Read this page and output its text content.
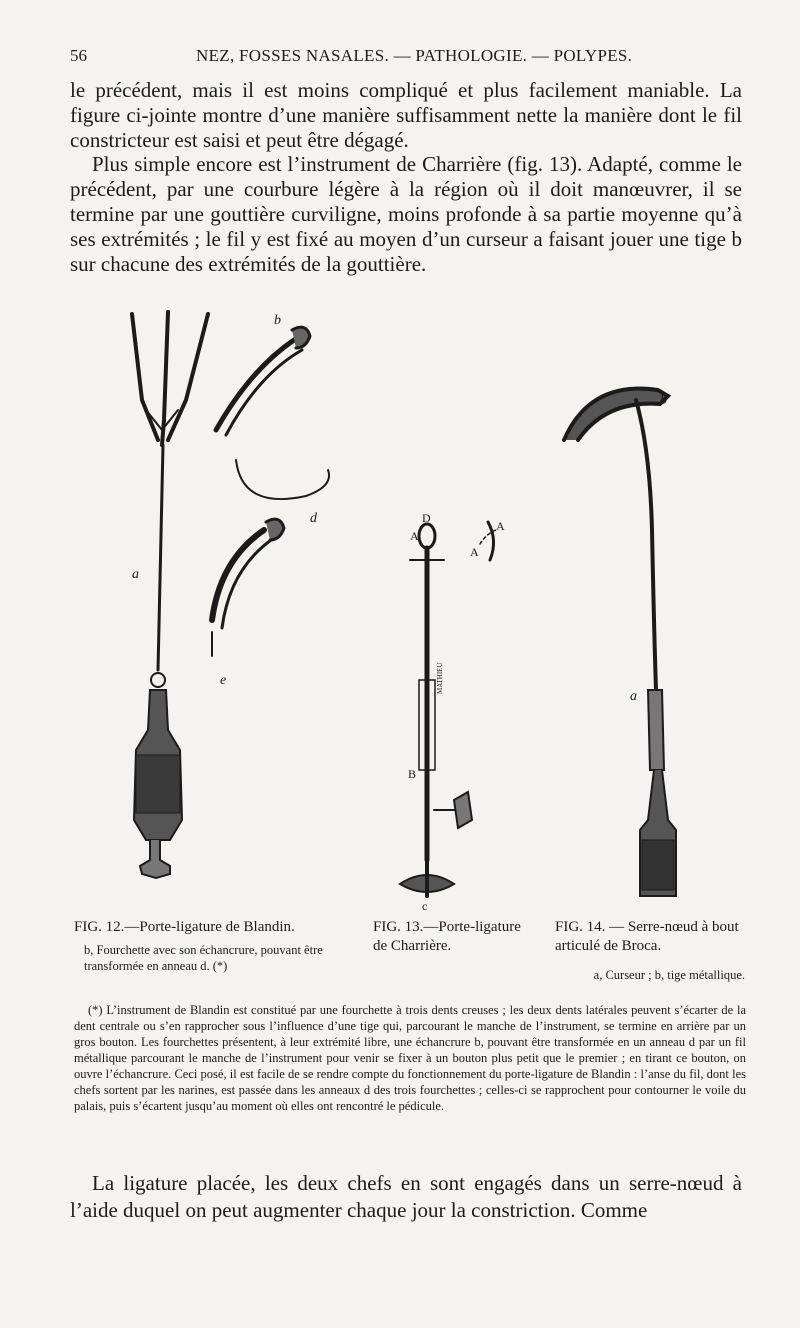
56	NEZ, FOSSES NASALES. — PATHOLOGIE. — POLYPES.
le précédent, mais il est moins compliqué et plus facilement maniable. La figure ci-jointe montre d’une manière suffisamment nette la manière dont le fil constricteur est saisi et peut être dégagé.
Plus simple encore est l’instrument de Charrière (fig. 13). Adapté, comme le précédent, par une courbure légère à la région où il doit manœuvrer, il se termine par une gouttière curviligne, moins profonde à sa partie moyenne qu’à ses extrémités ; le fil y est fixé au moyen d’un curseur a faisant jouer une tige b sur chacune des extrémités de la gouttière.
a
b
d
e
D
A
A
A
B
c
MATHIEU
a
b
FIG. 12.—Porte-ligature de Blandin.
b, Fourchette avec son échancrure, pouvant être transformée en anneau d. (*)
FIG. 13.—Porte-ligature de Charrière.
FIG. 14. — Serre-nœud à bout articulé de Broca.
a, Curseur ; b, tige métallique.
(*) L’instrument de Blandin est constitué par une fourchette à trois dents creuses ; les deux dents latérales peuvent s’écarter de la dent centrale ou s’en rapprocher sous l’influence d’une tige qui, parcourant le manche de l’instrument, se termine en arrière par un gros bouton. Les fourchettes présentent, à leur extrémité libre, une échancrure b, pouvant être transformée en un anneau d par un fil métallique parcourant le manche de l’instrument pour venir se fixer à un bouton plus petit que le premier ; en tirant ce bouton, on ouvre l’échancrure. Ceci posé, il est facile de se rendre compte du fonctionnement du porte-ligature de Blandin : l’anse du fil, dont les chefs sortent par les narines, est passée dans les anneaux d des trois fourchettes ; celles-ci se rapprochent pour contourner le voile du palais, puis s’écartent jusqu’au moment où elles ont rencontré le pédicule.
La ligature placée, les deux chefs en sont engagés dans un serre-nœud à l’aide duquel on peut augmenter chaque jour la constriction. Comme
